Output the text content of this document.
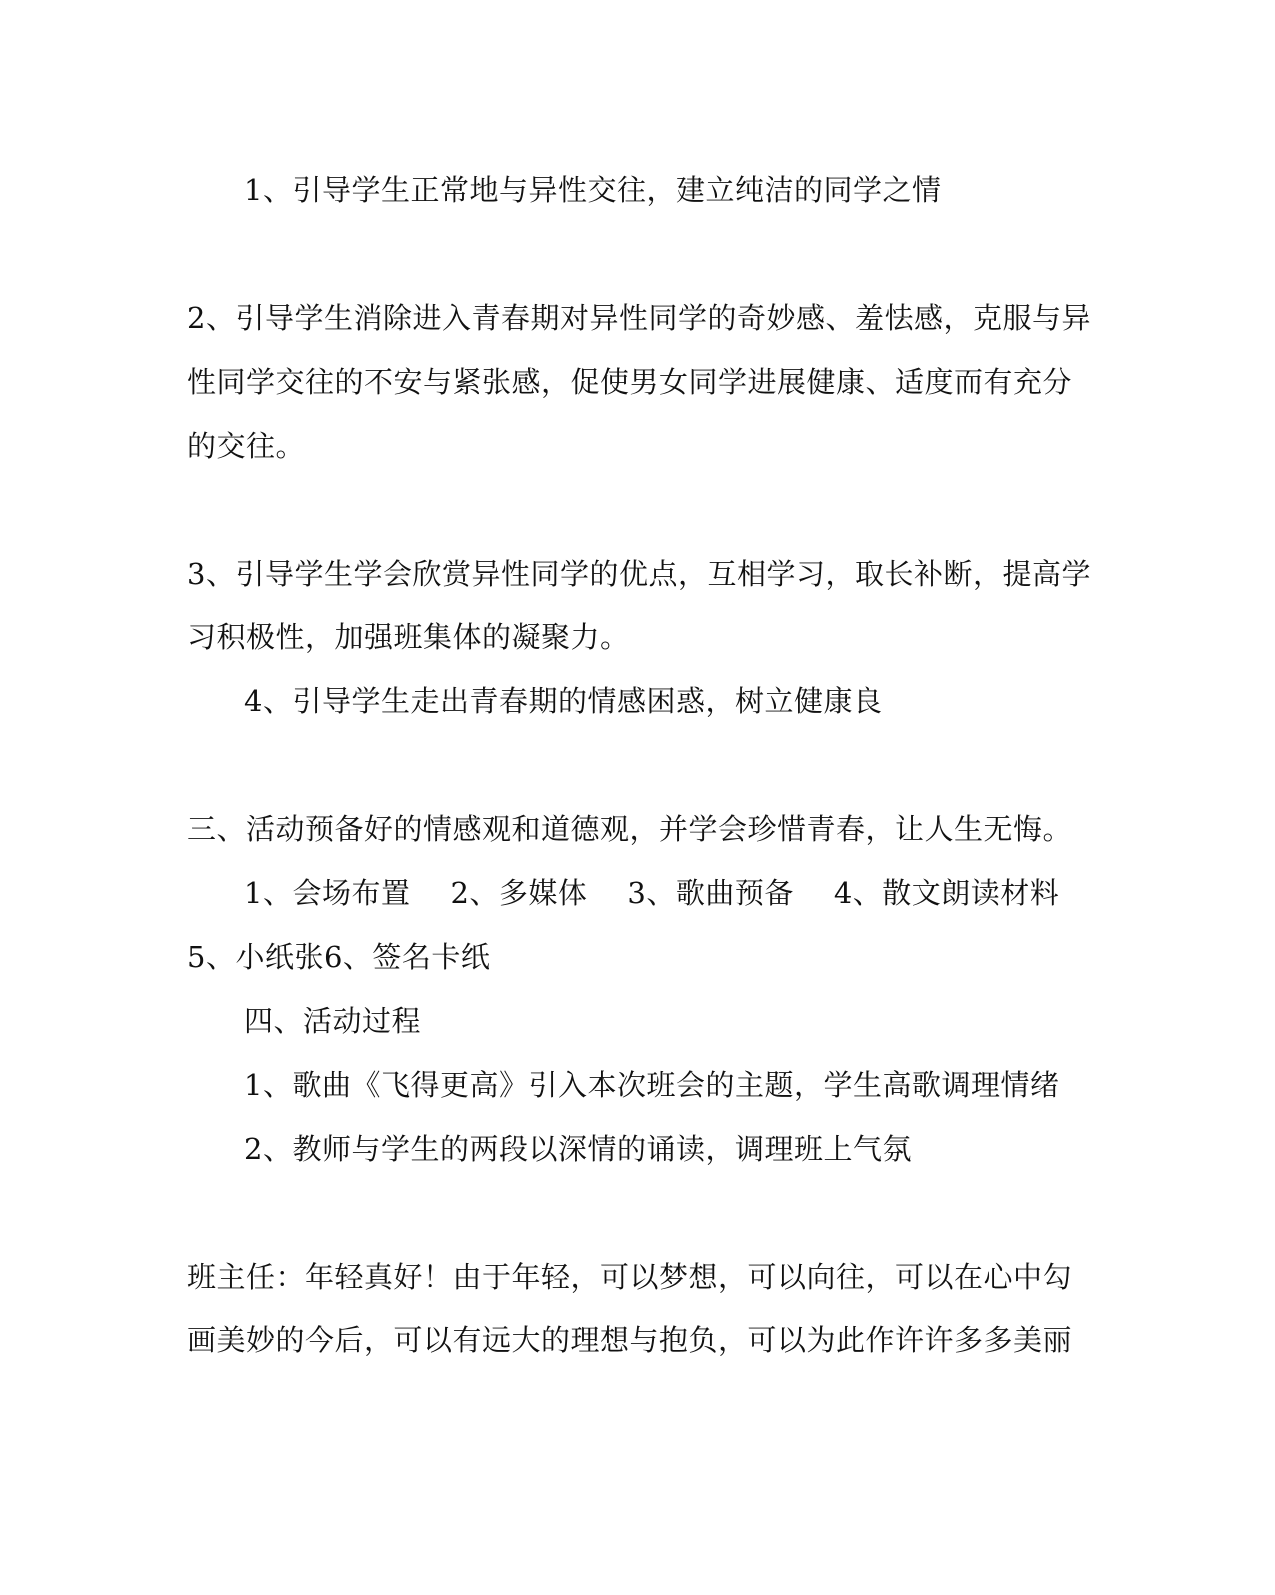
1、引导学生正常地与异性交往，建立纯洁的同学之情
2、引导学生消除进入青春期对异性同学的奇妙感、羞怯感，克服与异
性同学交往的不安与紧张感，促使男女同学进展健康、适度而有充分
的交往。
3、引导学生学会欣赏异性同学的优点，互相学习，取长补断，提高学
习积极性，加强班集体的凝聚力。
4、引导学生走出青春期的情感困惑，树立健康良
三、活动预备好的情感观和道德观，并学会珍惜青春，让人生无悔。
1、会场布置 2、多媒体 3、歌曲预备 4、散文朗读材料
5、小纸张6、签名卡纸
四、活动过程
1、歌曲《飞得更高》引入本次班会的主题，学生高歌调理情绪
2、教师与学生的两段以深情的诵读，调理班上气氛
班主任：年轻真好！由于年轻，可以梦想，可以向往，可以在心中勾
画美妙的今后，可以有远大的理想与抱负，可以为此作许许多多美丽
